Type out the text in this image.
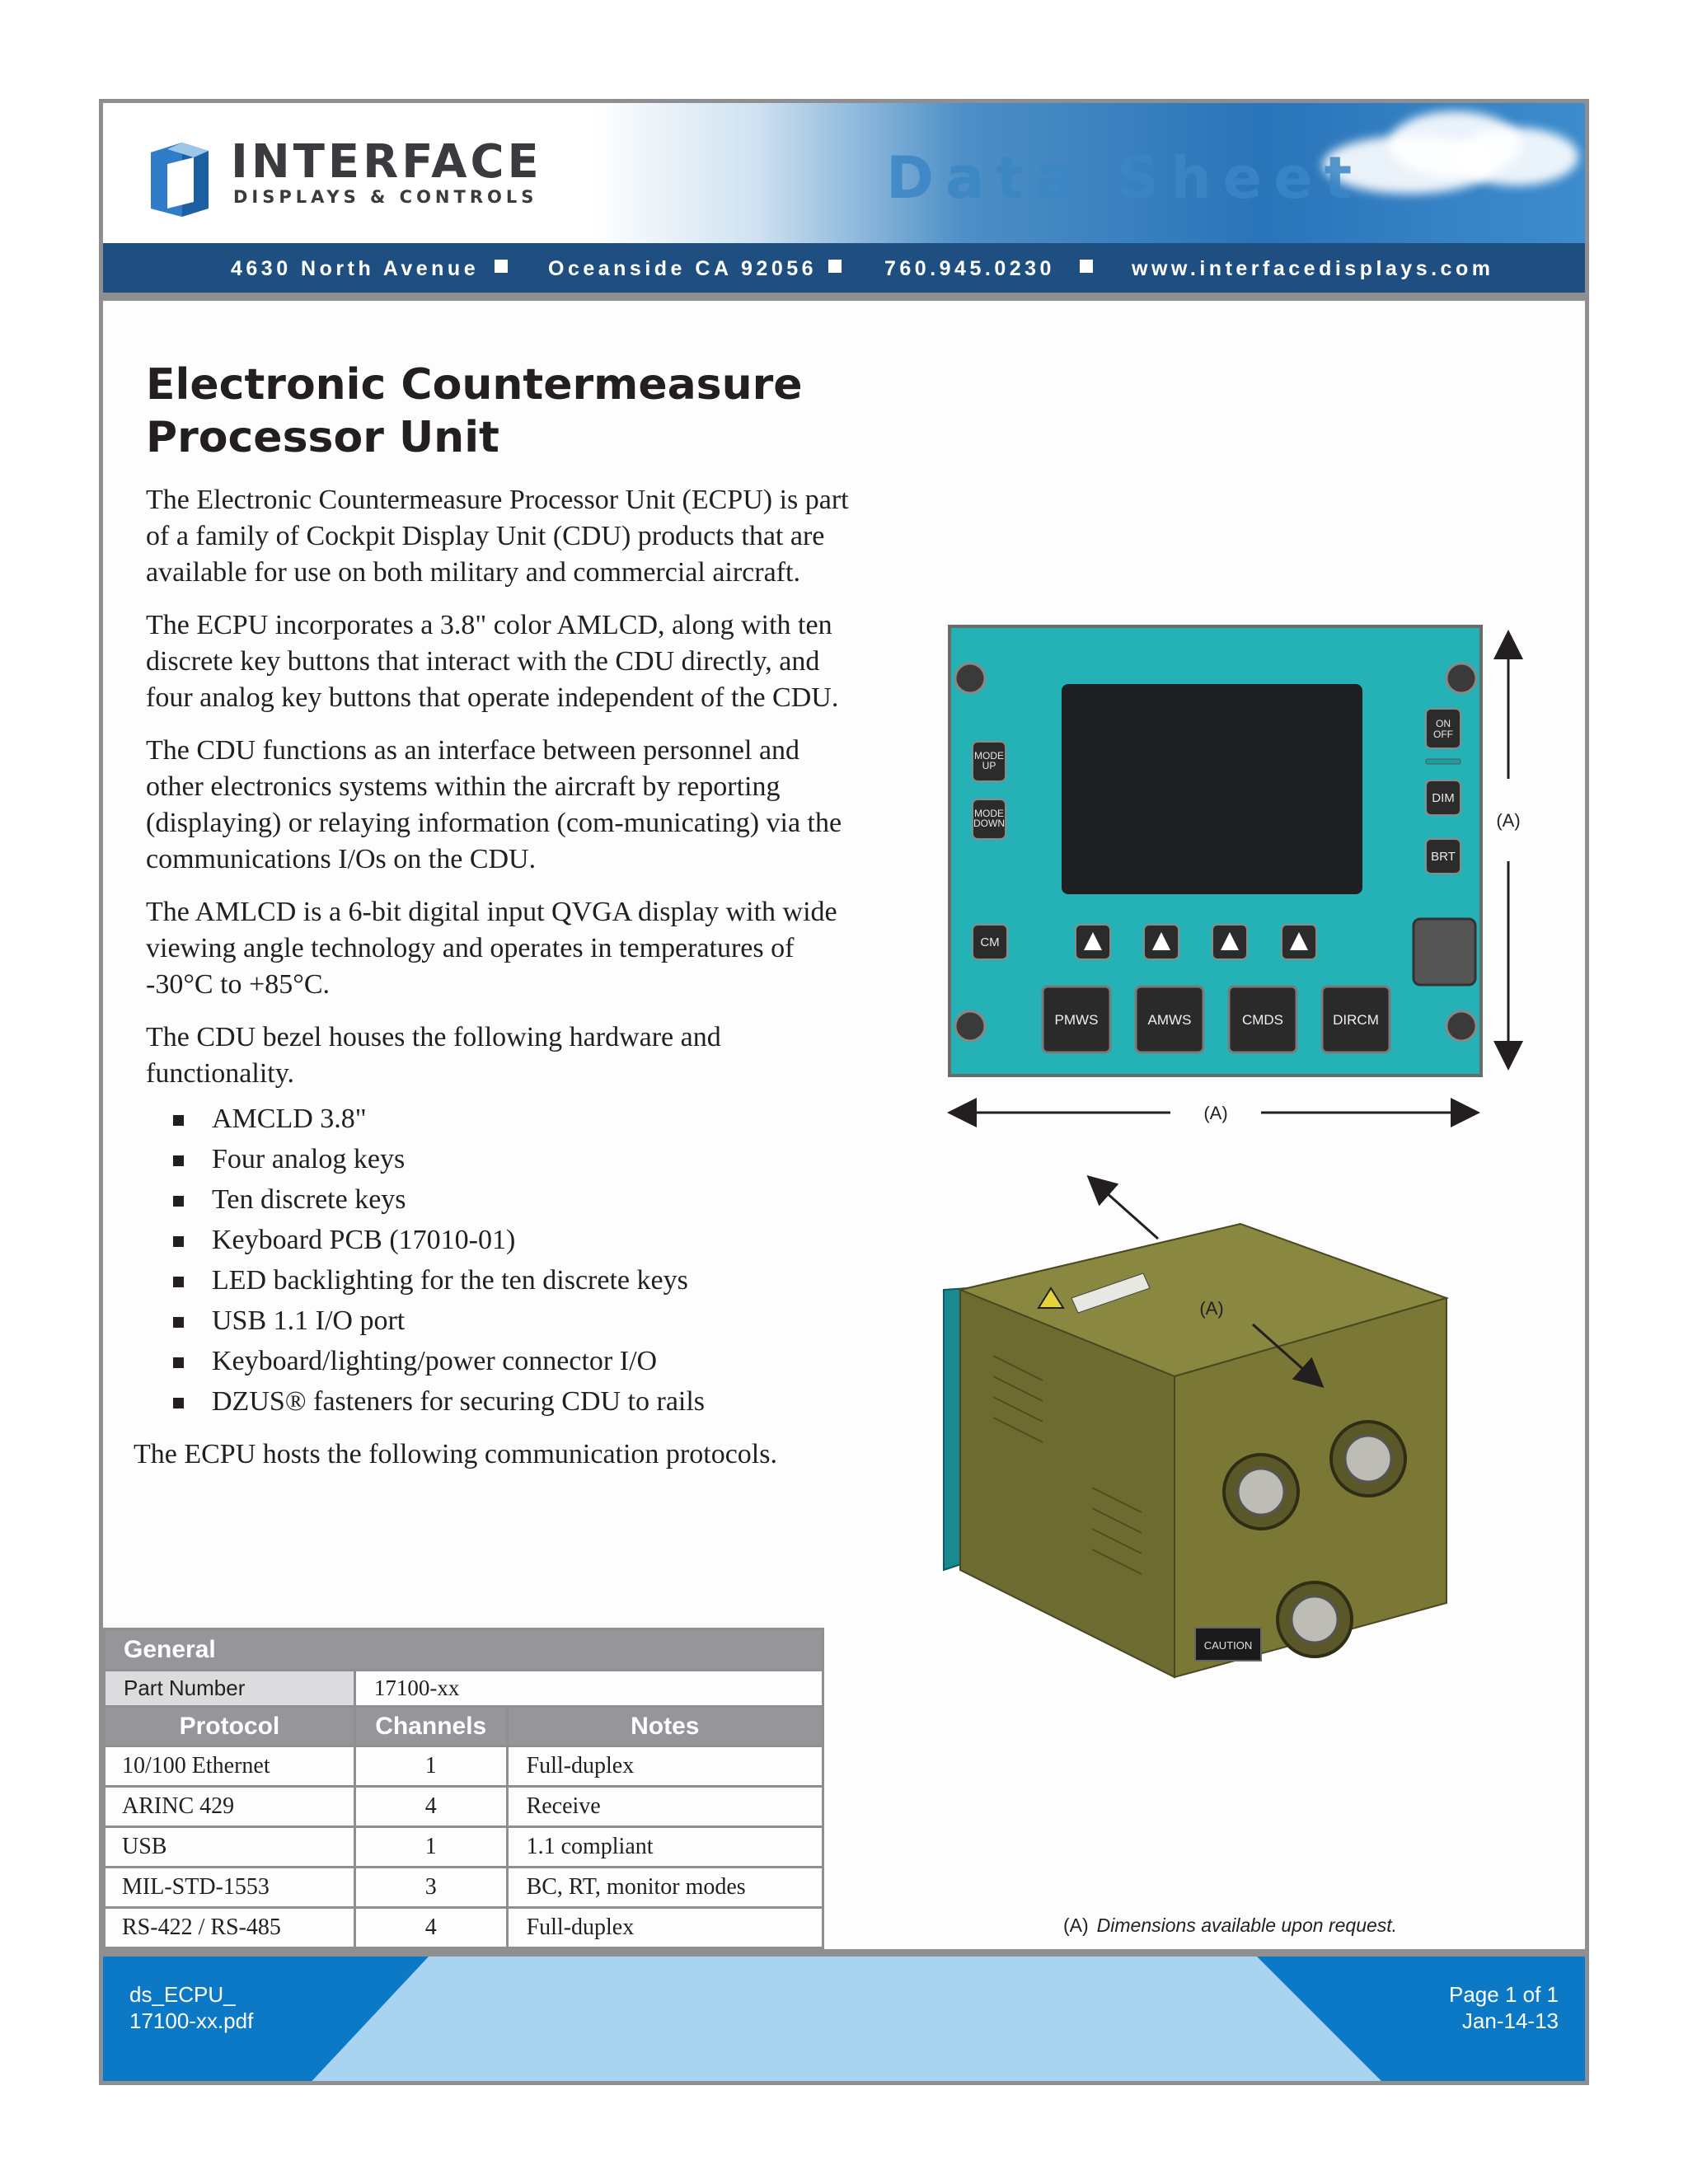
INTERFACE
DISPLAYS & CONTROLS	Data Sheet
4630 North Avenue	Oceanside CA 92056	760.945.0230	www.interfacedisplays.com
Electronic Countermeasure
Processor Unit

The Electronic Countermeasure Processor Unit (ECPU) is part of a family of Cockpit Display Unit (CDU) products that are available for use on both military and commercial aircraft.

The ECPU incorporates a 3.8" color AMLCD, along with ten discrete key buttons that interact with the CDU directly, and four analog key buttons that operate independent of the CDU.

The CDU functions as an interface between personnel and other electronics systems within the aircraft by reporting (displaying) or relaying information (com-municating) via the communications I/Os on the CDU.

The AMLCD is a 6-bit digital input QVGA display with wide viewing angle technology and operates in temperatures of -30°C to +85°C.

The CDU bezel houses the following hardware and functionality.

AMCLD 3.8"
Four analog keys
Ten discrete keys
Keyboard PCB (17010-01)
LED backlighting for the ten discrete keys
USB 1.1 I/O port
Keyboard/lighting/power connector I/O
DZUS® fasteners for securing CDU to rails

The ECPU hosts the following communication protocols.

General		
Part Number	17100-xx	
Protocol	Channels	Notes
10/100 Ethernet	1	Full-duplex
ARINC 429	4	Receive
USB	1	1.1 compliant
MIL-STD-1553	3	BC, RT, monitor modes
RS-422 / RS-485	4	Full-duplex
MODE
UP
MODE
DOWN
ON
OFF
DIM
BRT
CM
PMWS	AMWS	CMDS	DIRCM
(A)
(A)
CAUTION
(A)
(A) Dimensions available upon request.
ds_ECPU_
17100-xx.pdf
Page 1 of 1
Jan-14-13
